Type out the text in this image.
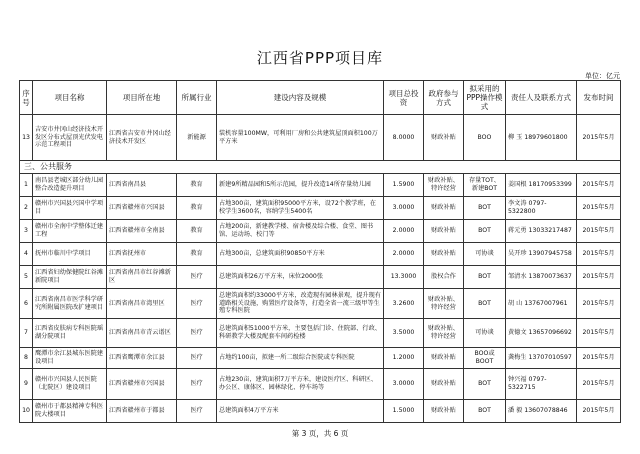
江西省PPP项目库
单位：亿元
序号	项目名称	项目所在地	所属行业	建设内容及规模	项目总投资	政府参与方式	拟采用的PPP操作模式	责任人及联系方式	发布时间
13	吉安市井冈山经济技术开发区分布式屋顶光伏发电示范工程项目	江西省吉安市井冈山经济技术开发区	新能源	装机容量100MW，可利用厂房和公共建筑屋顶面积100万平方米	8.0000	财政补贴	BOO	柳 玉 18979601800	2015年5月
三、公共服务									
1	南昌县老城区部分幼儿园整合改造提升项目	江西省南昌县	教育	新建9所精品园和5所示范园，提升改造14所存量幼儿园	1.5900	财政补贴、特许经营	存量TOT、新建BOT	姜国根 18170953399	2015年5月
2	赣州市兴国县兴国中学项目	江西省赣州市兴国县	教育	占地300亩，建筑面积95000平方米，设72个教学班，在校学生3600名，容纳学生5400名	3.0000	财政补贴	BOT	李文涛 0797-5322800	2015年5月
3	赣州市全南中学整体迁建工程	江西省赣州市全南县	教育	占地200亩，新建教学楼、宿舍楼及综合楼、食堂、图书馆、运动场、校门等	2.0000	财政补贴	BOT	蒋元勇 13033217487	2015年5月
4	抚州市临川中学项目	江西省抚州市	教育	占地300亩，总建筑面积90850平方米	2.0000	财政补贴	可协谈	吴开珍 13907945758	2015年5月
5	江西省妇幼保健院红谷滩新院项目	江西省南昌市红谷滩新区	医疗	总建筑面积26万平方米，床位2000张	13.3000	股权合作	BOT	邹清水 13870073637	2015年5月
6	江西省南昌市医学科学研究所附属医院改扩建项目	江西省南昌市湾里区	医疗	总建筑面积约33000平方米，改造现有园林景观，提升现有道路相关设施，购置医疗设备等，打造全省一流三级甲等生殖专科医院	3.2600	财政补贴、特许经营	BOT	胡 山 13767007961	2015年5月
7	江西省皮肤病专科医院瑶湖分院项目	江西省南昌市青云谱区	医疗	总建筑面积51000平方米，主要包括门诊、住院部、行政、科研教学大楼及配套车间药检楼	3.5000	财政补贴、特许经营	可协谈	黄德文 13657096692	2015年5月
8	鹰潭市余江县城东医院建设项目	江西省鹰潭市余江县	医疗	占地约100亩，拟建一所二级综合医院或专科医院	1.2000	财政补贴	BOO或BOOT	龚梅生 13707010597	2015年5月
9	赣州市兴国县人民医院（北院区）建设项目	江西省赣州市兴国县	医疗	占地230亩，建筑面积7万平方米，建设医疗区、科研区、办公区、康体区、园林绿化、停车场等	3.0000	财政补贴	BOT	钟兴福 0797-5322715	2015年5月
10	赣州市于都县精神专科医院大楼项目	江西省赣州市于都县	医疗	总建筑面积4万平方米	1.5000	财政补贴	BOT	潘 毅 13607078846	2015年5月
第 3 页，共 6 页
